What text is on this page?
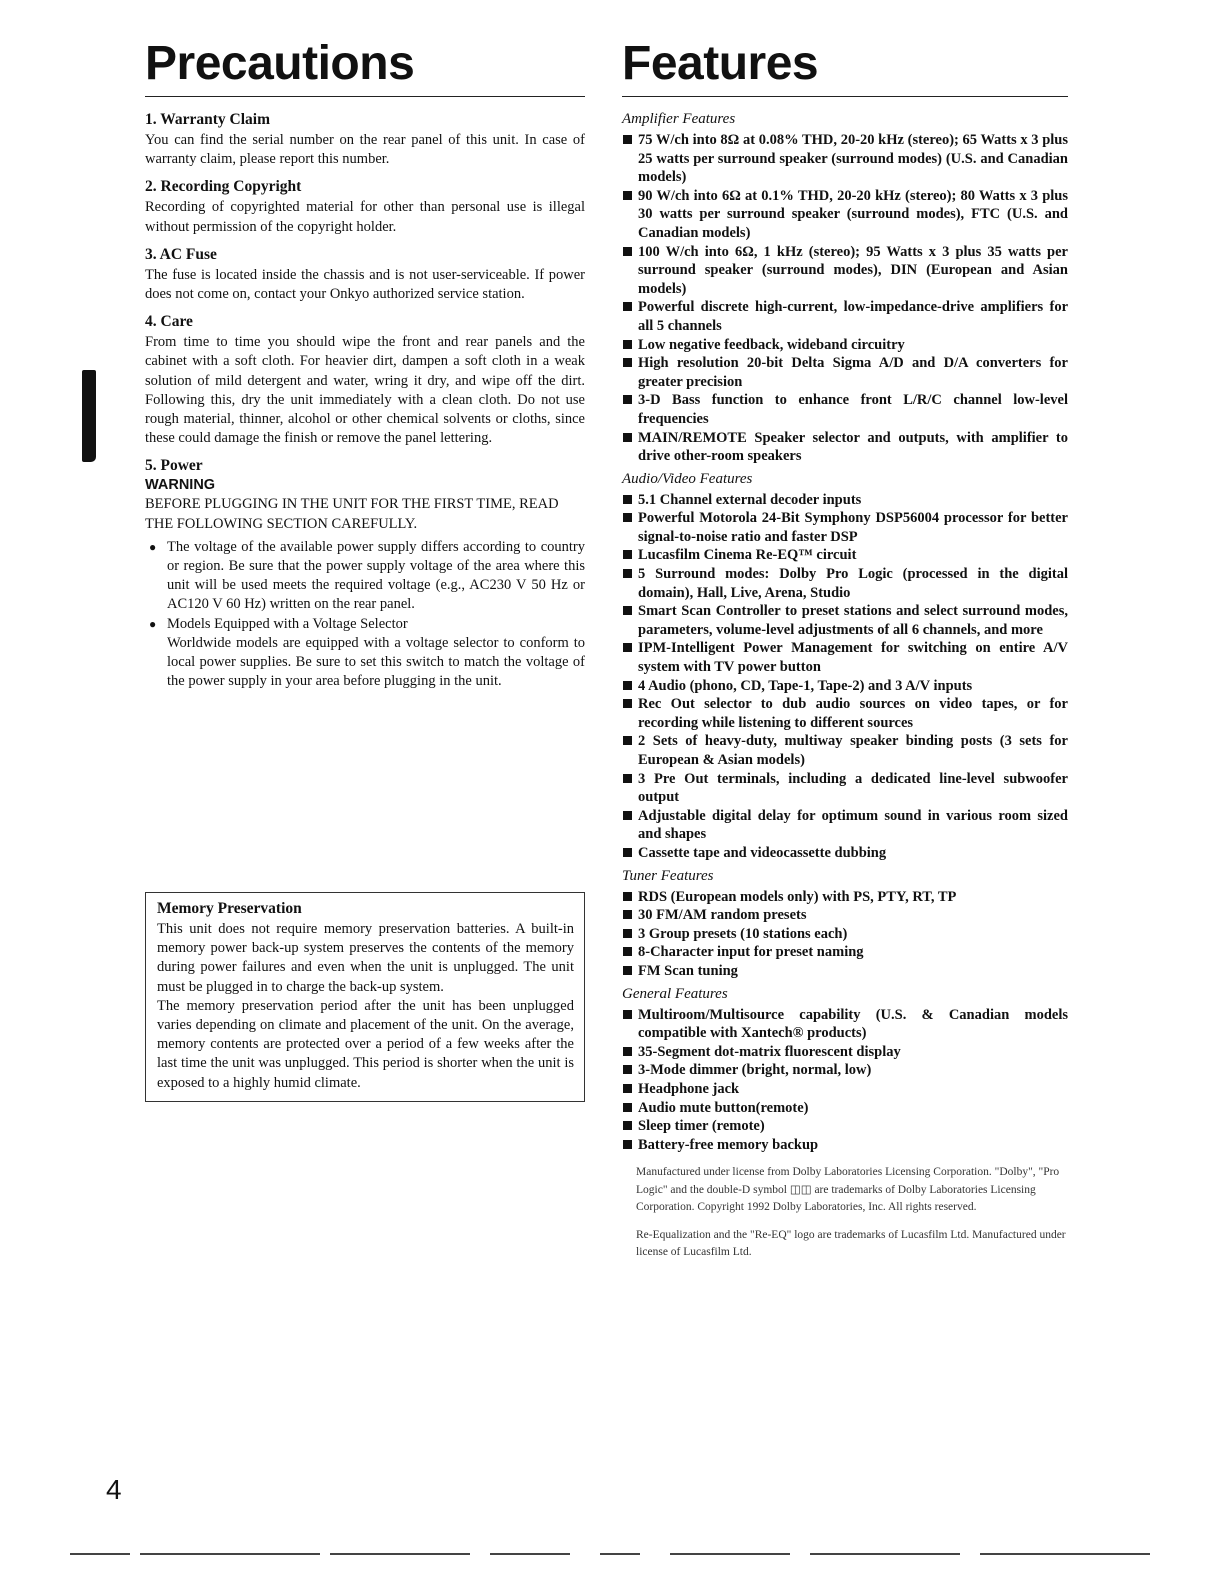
Precautions
1. Warranty Claim

You can find the serial number on the rear panel of this unit. In case of warranty claim, please report this number.

2. Recording Copyright

Recording of copyrighted material for other than personal use is illegal without permission of the copyright holder.

3. AC Fuse

The fuse is located inside the chassis and is not user-serviceable. If power does not come on, contact your Onkyo authorized service station.

4. Care

From time to time you should wipe the front and rear panels and the cabinet with a soft cloth. For heavier dirt, dampen a soft cloth in a weak solution of mild detergent and water, wring it dry, and wipe off the dirt. Following this, dry the unit immediately with a clean cloth. Do not use rough material, thinner, alcohol or other chemical solvents or cloths, since these could damage the finish or remove the panel lettering.

5. Power
WARNING

BEFORE PLUGGING IN THE UNIT FOR THE FIRST TIME, READ THE FOLLOWING SECTION CAREFULLY.

● The voltage of the available power supply differs according to country or region. Be sure that the power supply voltage of the area where this unit will be used meets the required voltage (e.g., AC230 V 50 Hz or AC120 V 60 Hz) written on the rear panel.
● Models Equipped with a Voltage Selector
Worldwide models are equipped with a voltage selector to conform to local power supplies. Be sure to set this switch to match the voltage of the power supply in your area before plugging in the unit.
Memory Preservation

This unit does not require memory preservation batteries. A built-in memory power back-up system preserves the contents of the memory during power failures and even when the unit is unplugged. The unit must be plugged in to charge the back-up system.

The memory preservation period after the unit has been unplugged varies depending on climate and placement of the unit. On the average, memory contents are protected over a period of a few weeks after the last time the unit was unplugged. This period is shorter when the unit is exposed to a highly humid climate.

Features
Amplifier Features
75 W/ch into 8Ω at 0.08% THD, 20-20 kHz (stereo); 65 Watts x 3 plus 25 watts per surround speaker (surround modes) (U.S. and Canadian models)
90 W/ch into 6Ω at 0.1% THD, 20-20 kHz (stereo); 80 Watts x 3 plus 30 watts per surround speaker (surround modes), FTC (U.S. and Canadian models)
100 W/ch into 6Ω, 1 kHz (stereo); 95 Watts x 3 plus 35 watts per surround speaker (surround modes), DIN (European and Asian models)
Powerful discrete high-current, low-impedance-drive amplifiers for all 5 channels
Low negative feedback, wideband circuitry
High resolution 20-bit Delta Sigma A/D and D/A converters for greater precision
3-D Bass function to enhance front L/R/C channel low-level frequencies
MAIN/REMOTE Speaker selector and outputs, with amplifier to drive other-room speakers
Audio/Video Features
5.1 Channel external decoder inputs
Powerful Motorola 24-Bit Symphony DSP56004 processor for better signal-to-noise ratio and faster DSP
Lucasfilm Cinema Re-EQ™ circuit
5 Surround modes: Dolby Pro Logic (processed in the digital domain), Hall, Live, Arena, Studio
Smart Scan Controller to preset stations and select surround modes, parameters, volume-level adjustments of all 6 channels, and more
IPM-Intelligent Power Management for switching on entire A/V system with TV power button
4 Audio (phono, CD, Tape-1, Tape-2) and 3 A/V inputs
Rec Out selector to dub audio sources on video tapes, or for recording while listening to different sources
2 Sets of heavy-duty, multiway speaker binding posts (3 sets for European & Asian models)
3 Pre Out terminals, including a dedicated line-level subwoofer output
Adjustable digital delay for optimum sound in various room sized and shapes
Cassette tape and videocassette dubbing
Tuner Features
RDS (European models only) with PS, PTY, RT, TP
30 FM/AM random presets
3 Group presets (10 stations each)
8-Character input for preset naming
FM Scan tuning
General Features
Multiroom/Multisource capability (U.S. & Canadian models compatible with Xantech® products)
35-Segment dot-matrix fluorescent display
3-Mode dimmer (bright, normal, low)
Headphone jack
Audio mute button(remote)
Sleep timer (remote)
Battery-free memory backup

Manufactured under license from Dolby Laboratories Licensing Corporation. "Dolby", "Pro Logic" and the double-D symbol ◫◫ are trademarks of Dolby Laboratories Licensing Corporation. Copyright 1992 Dolby Laboratories, Inc. All rights reserved.

Re-Equalization and the "Re-EQ" logo are trademarks of Lucasfilm Ltd. Manufactured under license of Lucasfilm Ltd.

4
